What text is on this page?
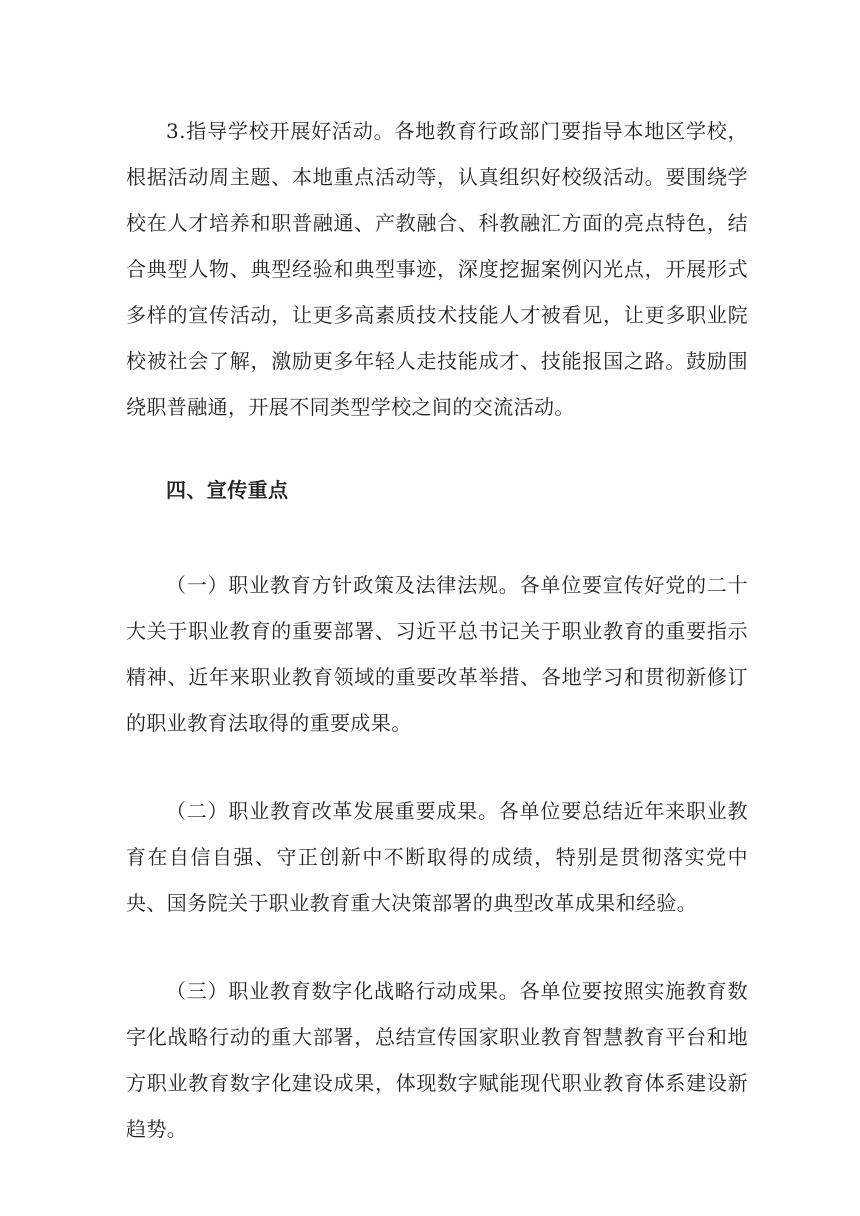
3.指导学校开展好活动。各地教育行政部门要指导本地区学校，根据活动周主题、本地重点活动等，认真组织好校级活动。要围绕学校在人才培养和职普融通、产教融合、科教融汇方面的亮点特色，结合典型人物、典型经验和典型事迹，深度挖掘案例闪光点，开展形式多样的宣传活动，让更多高素质技术技能人才被看见，让更多职业院校被社会了解，激励更多年轻人走技能成才、技能报国之路。鼓励围绕职普融通，开展不同类型学校之间的交流活动。

四、宣传重点

（一）职业教育方针政策及法律法规。各单位要宣传好党的二十大关于职业教育的重要部署、习近平总书记关于职业教育的重要指示精神、近年来职业教育领域的重要改革举措、各地学习和贯彻新修订的职业教育法取得的重要成果。

（二）职业教育改革发展重要成果。各单位要总结近年来职业教育在自信自强、守正创新中不断取得的成绩，特别是贯彻落实党中央、国务院关于职业教育重大决策部署的典型改革成果和经验。

（三）职业教育数字化战略行动成果。各单位要按照实施教育数字化战略行动的重大部署，总结宣传国家职业教育智慧教育平台和地方职业教育数字化建设成果，体现数字赋能现代职业教育体系建设新趋势。
